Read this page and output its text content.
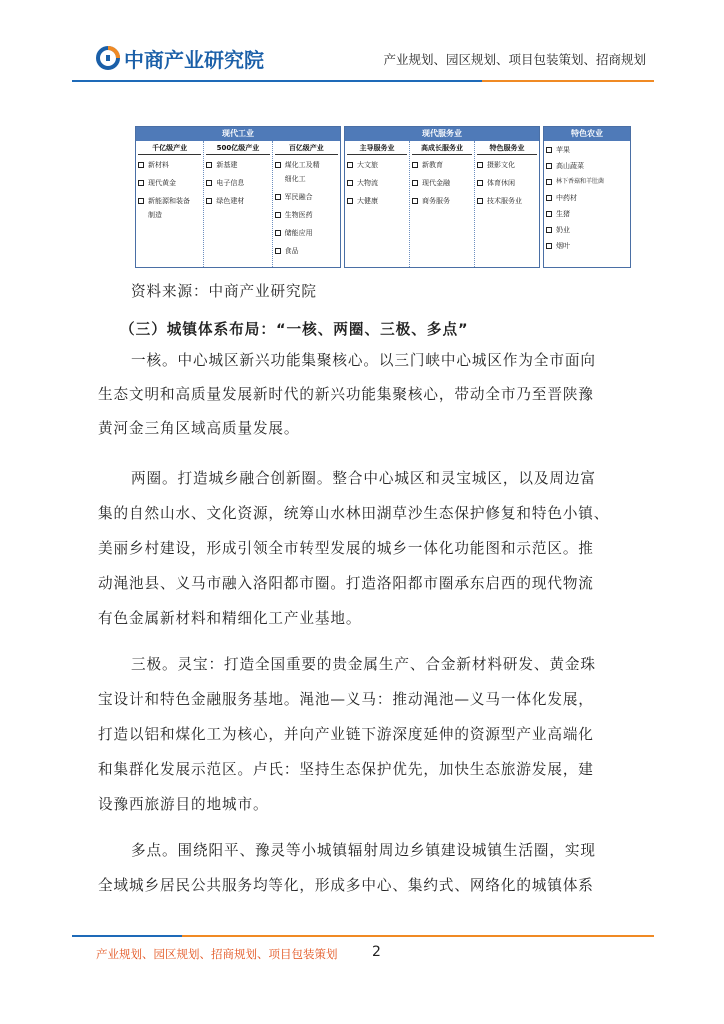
中商产业研究院	产业规划、园区规划、项目包装策划、招商规划
现代工业
千亿级产业
新材料
现代黄金
新能源和装备
制造
500亿级产业
新基建
电子信息
绿色建材
百亿级产业
煤化工及精
细化工
军民融合
生物医药
储能应用
食品
现代服务业
主导服务业
大文旅
大物流
大健康
高成长服务业
新教育
现代金融
商务服务
特色服务业
摄影文化
体育休闲
技术服务业
特色农业
苹果
高山蔬菜
林下香菇和羊肚菌
中药材
生猪
奶业
烟叶
资料来源：中商产业研究院
（三）城镇体系布局：“一核、两圈、三极、多点”
一核。中心城区新兴功能集聚核心。以三门峡中心城区作为全市面向
生态文明和高质量发展新时代的新兴功能集聚核心，带动全市乃至晋陕豫
黄河金三角区域高质量发展。
两圈。打造城乡融合创新圈。整合中心城区和灵宝城区，以及周边富
集的自然山水、文化资源，统筹山水林田湖草沙生态保护修复和特色小镇、
美丽乡村建设，形成引领全市转型发展的城乡一体化功能图和示范区。推
动渑池县、义马市融入洛阳都市圈。打造洛阳都市圈承东启西的现代物流
有色金属新材料和精细化工产业基地。
三极。灵宝：打造全国重要的贵金属生产、合金新材料研发、黄金珠
宝设计和特色金融服务基地。渑池—义马：推动渑池—义马一体化发展，
打造以铝和煤化工为核心，并向产业链下游深度延伸的资源型产业高端化
和集群化发展示范区。卢氏：坚持生态保护优先，加快生态旅游发展，建
设豫西旅游目的地城市。
多点。围绕阳平、豫灵等小城镇辐射周边乡镇建设城镇生活圈，实现
全域城乡居民公共服务均等化，形成多中心、集约式、网络化的城镇体系
产业规划、园区规划、招商规划、项目包装策划 2
